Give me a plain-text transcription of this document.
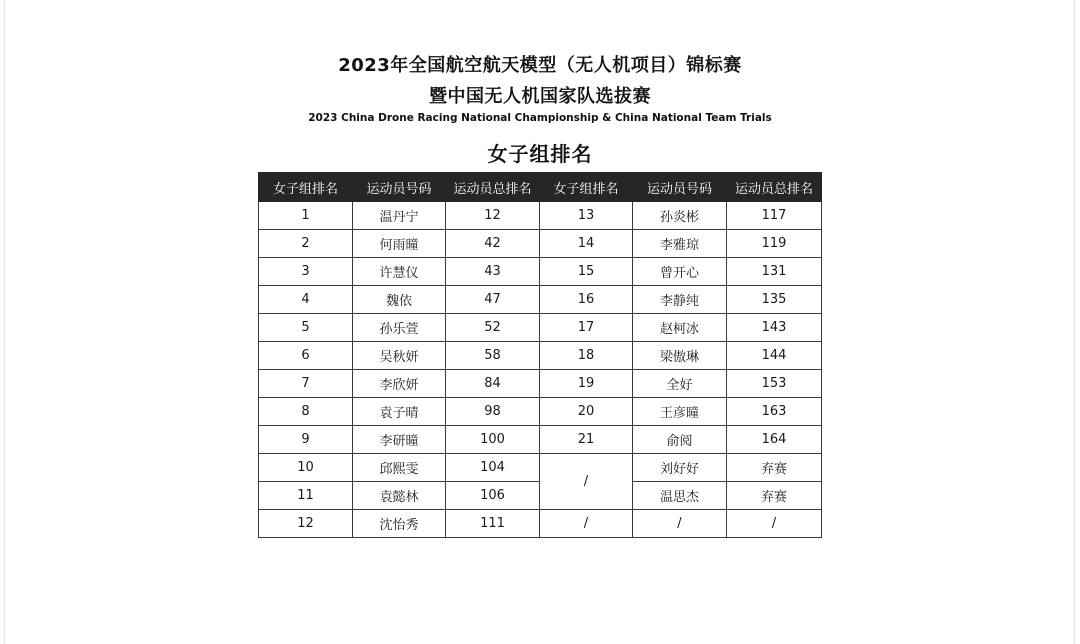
2023年全国航空航天模型（无人机项目）锦标赛
暨中国无人机国家队选拔赛
2023 China Drone Racing National Championship & China National Team Trials
女子组排名
女子组排名	运动员号码	运动员总排名	女子组排名	运动员号码	运动员总排名
1	温丹宁	12	13	孙炎彬	117
2	何雨曈	42	14	李雅琼	119
3	许慧仪	43	15	曾开心	131
4	魏依	47	16	李静纯	135
5	孙乐萱	52	17	赵柯冰	143
6	吴秋妍	58	18	梁傲琳	144
7	李欣妍	84	19	全好	153
8	袁子晴	98	20	王彦曈	163
9	李研曈	100	21	俞阅	164
10	邱熙雯	104	/	刘好好	弃赛
11	袁懿林	106		温思杰	弃赛
12	沈怡秀	111	/	/	/
